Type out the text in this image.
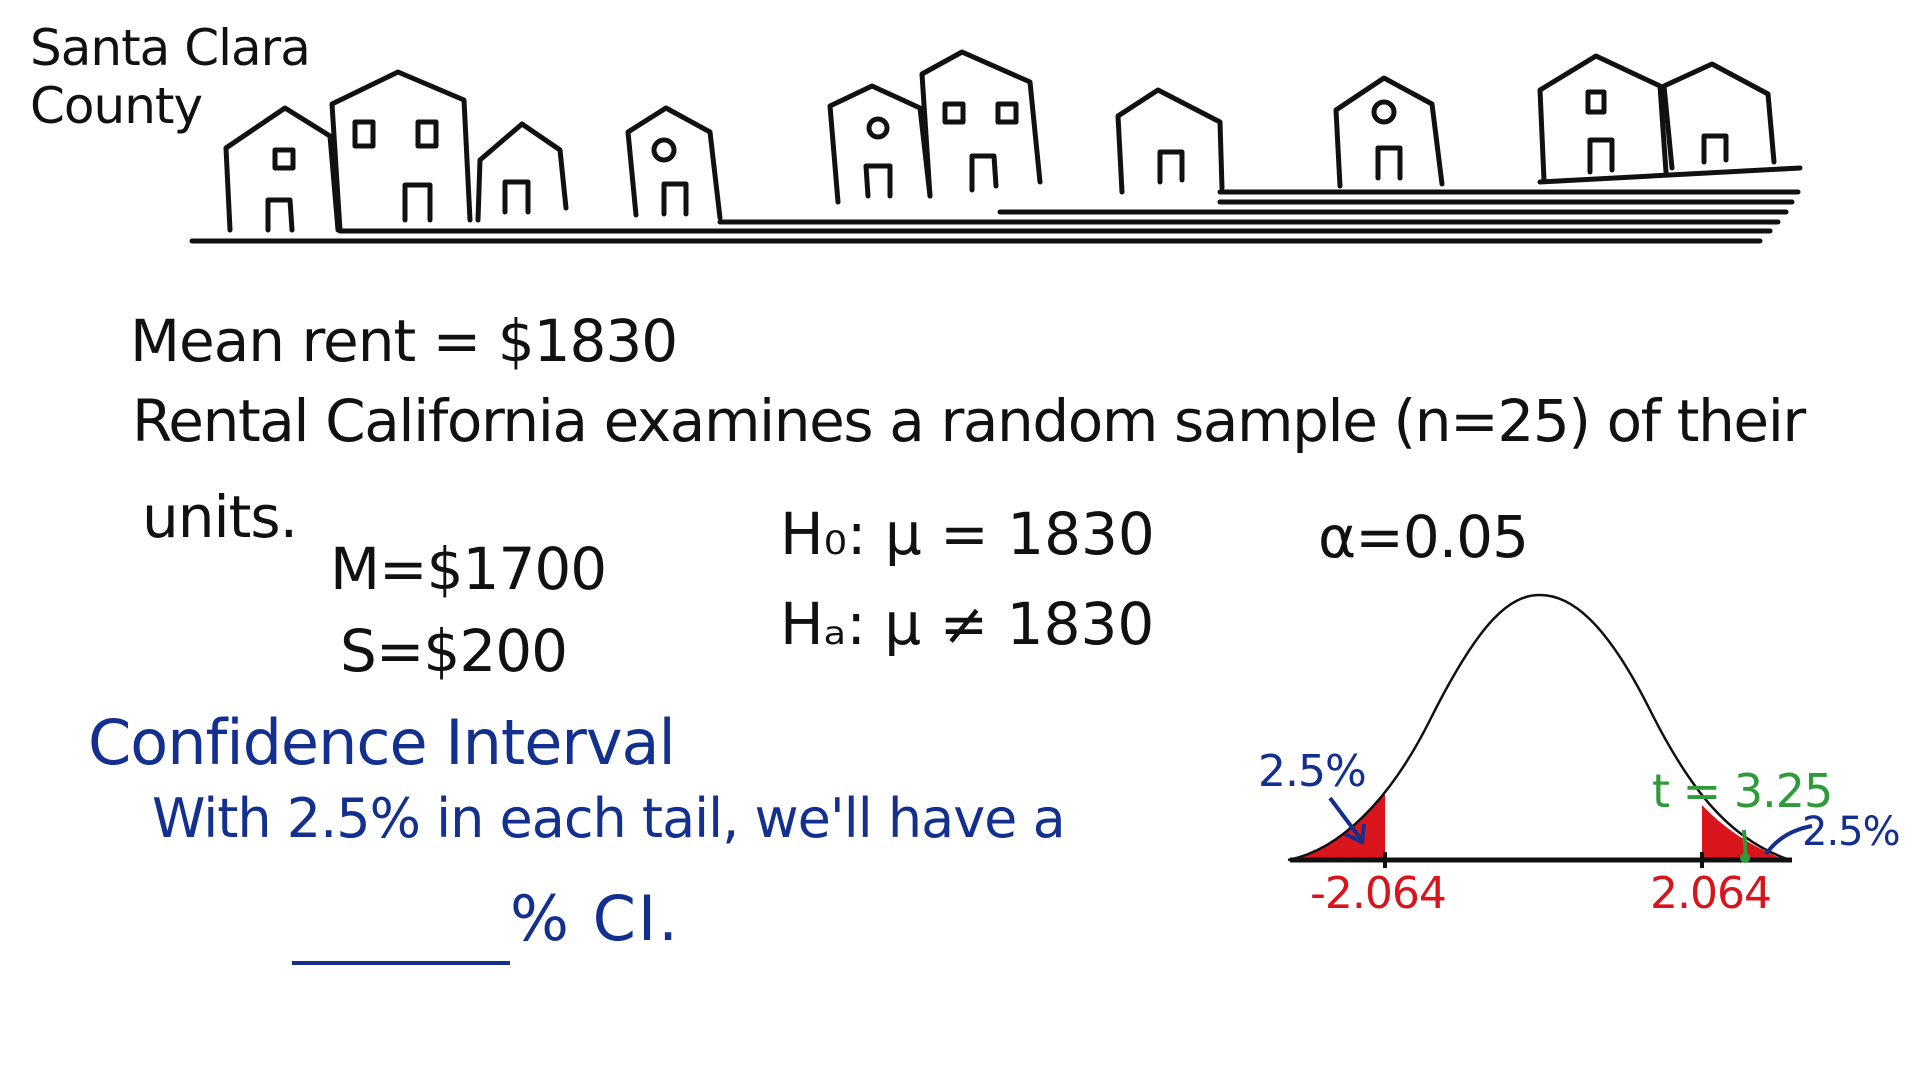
Santa Clara County
Mean rent = $1830
Rental California examines a random sample (n=25) of their
units.
M=$1700
S=$200
H₀: μ = 1830
Hₐ: μ ≠ 1830
α=0.05
Confidence Interval
With 2.5% in each tail, we'll have a
% CI.
2.5%
-2.064	2.064
t = 3.25
2.5%
